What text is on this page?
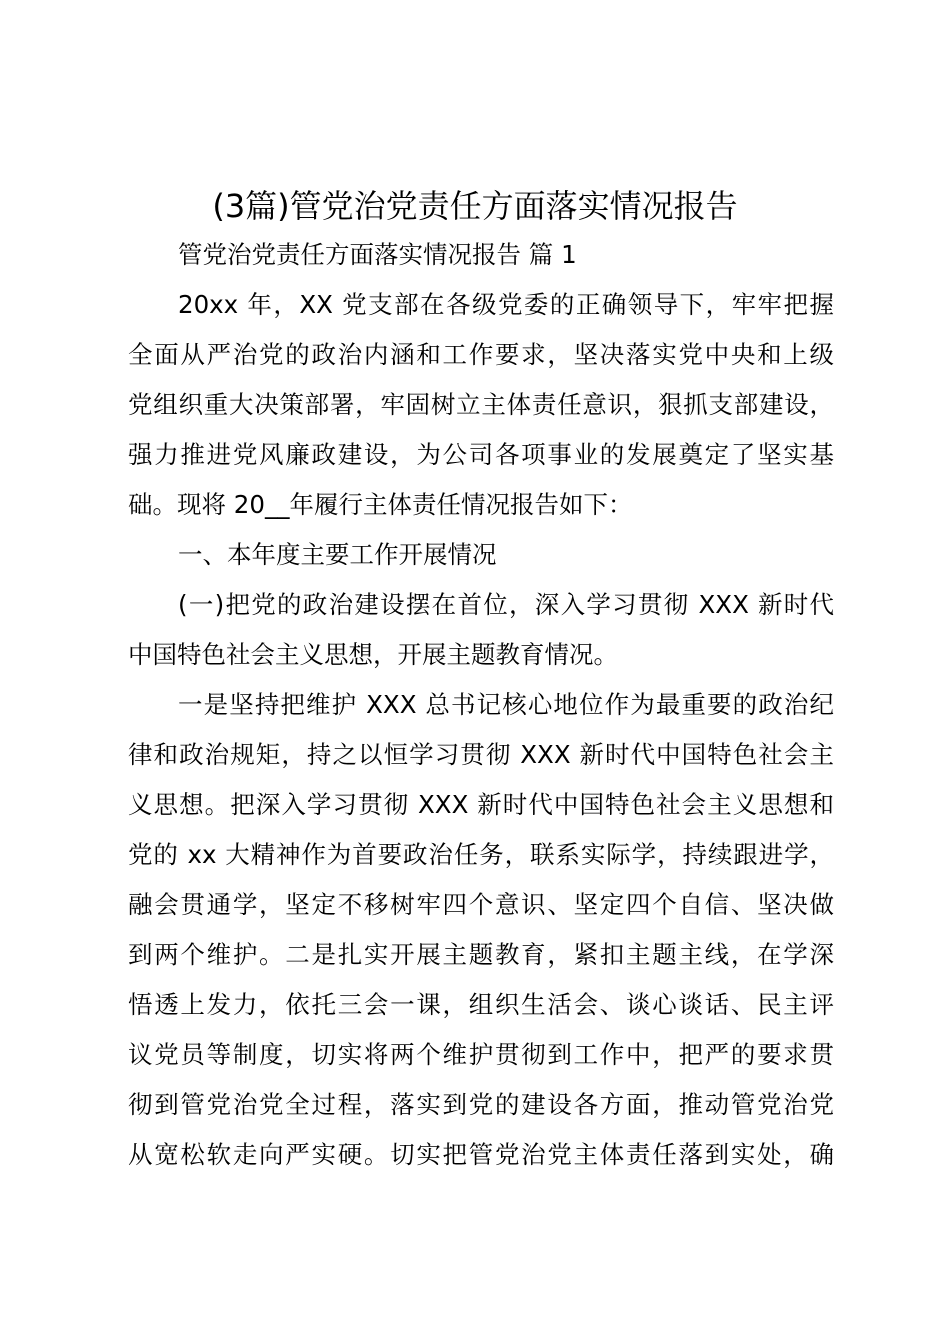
(3篇)管党治党责任方面落实情况报告
管党治党责任方面落实情况报告 篇 1
20xx 年，XX 党支部在各级党委的正确领导下，牢牢把握
全面从严治党的政治内涵和工作要求，坚决落实党中央和上级
党组织重大决策部署，牢固树立主体责任意识，狠抓支部建设，
强力推进党风廉政建设，为公司各项事业的发展奠定了坚实基
础。现将 20__年履行主体责任情况报告如下：
一、本年度主要工作开展情况
(一)把党的政治建设摆在首位，深入学习贯彻 XXX 新时代
中国特色社会主义思想，开展主题教育情况。
一是坚持把维护 XXX 总书记核心地位作为最重要的政治纪
律和政治规矩，持之以恒学习贯彻 XXX 新时代中国特色社会主
义思想。把深入学习贯彻 XXX 新时代中国特色社会主义思想和
党的 xx 大精神作为首要政治任务，联系实际学，持续跟进学，
融会贯通学，坚定不移树牢四个意识、坚定四个自信、坚决做
到两个维护。二是扎实开展主题教育，紧扣主题主线，在学深
悟透上发力，依托三会一课，组织生活会、谈心谈话、民主评
议党员等制度，切实将两个维护贯彻到工作中，把严的要求贯
彻到管党治党全过程，落实到党的建设各方面，推动管党治党
从宽松软走向严实硬。切实把管党治党主体责任落到实处，确
